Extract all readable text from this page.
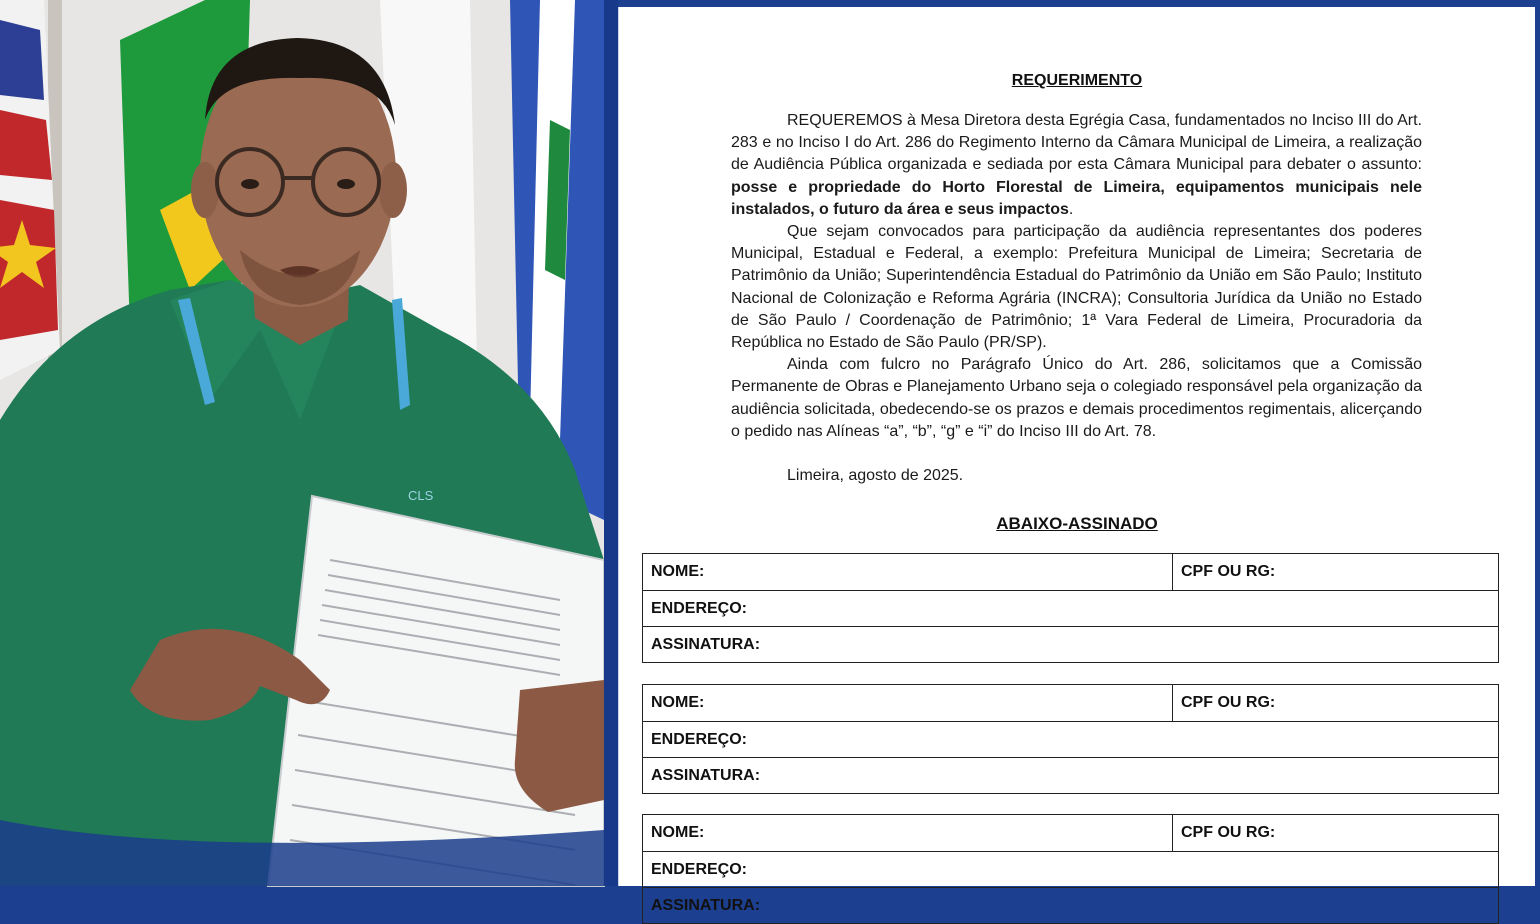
CLS
REQUERIMENTO

REQUEREMOS à Mesa Diretora desta Egrégia Casa, fundamentados no Inciso III do Art. 283 e no Inciso I do Art. 286 do Regimento Interno da Câmara Municipal de Limeira, a realização de Audiência Pública organizada e sediada por esta Câmara Municipal para debater o assunto: posse e propriedade do Horto Florestal de Limeira, equipamentos municipais nele instalados, o futuro da área e seus impactos.

Que sejam convocados para participação da audiência representantes dos poderes Municipal, Estadual e Federal, a exemplo: Prefeitura Municipal de Limeira; Secretaria de Patrimônio da União; Superintendência Estadual do Patrimônio da União em São Paulo; Instituto Nacional de Colonização e Reforma Agrária (INCRA); Consultoria Jurídica da União no Estado de São Paulo / Coordenação de Patrimônio; 1ª Vara Federal de Limeira, Procuradoria da República no Estado de São Paulo (PR/SP).

Ainda com fulcro no Parágrafo Único do Art. 286, solicitamos que a Comissão Permanente de Obras e Planejamento Urbano seja o colegiado responsável pela organização da audiência solicitada, obedecendo-se os prazos e demais procedimentos regimentais, alicerçando o pedido nas Alíneas “a”, “b”, “g” e “i” do Inciso III do Art. 78.

Limeira, agosto de 2025.
ABAIXO-ASSINADO
NOME:	CPF OU RG:
ENDEREÇO:
ASSINATURA:
NOME:	CPF OU RG:
ENDEREÇO:
ASSINATURA:
NOME:	CPF OU RG:
ENDEREÇO:
ASSINATURA:
